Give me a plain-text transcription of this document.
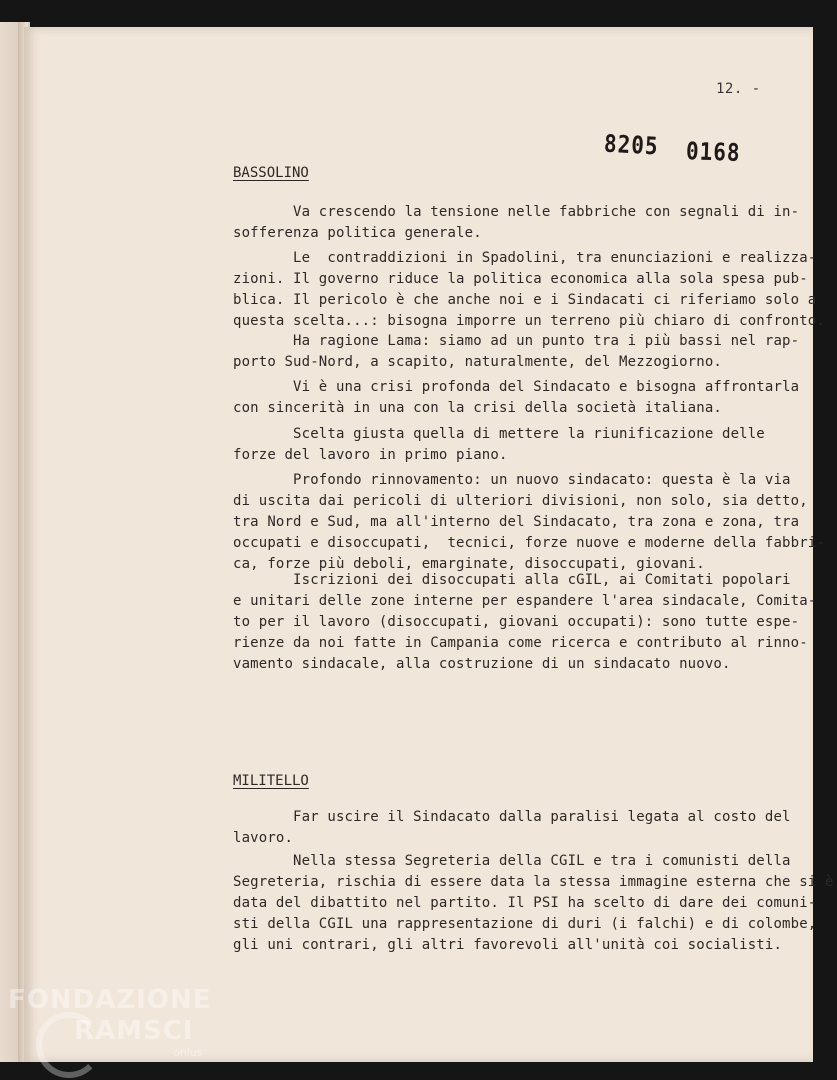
12. -
8205 0168
BASSOLINO

Va crescendo la tensione nelle fabbriche con segnali di in-
sofferenza politica generale.

Le  contraddizioni in Spadolini, tra enunciazioni e realizza-
zioni. Il governo riduce la politica economica alla sola spesa pub-
blica. Il pericolo è che anche noi e i Sindacati ci riferiamo solo a
questa scelta...: bisogna imporre un terreno più chiaro di confronto.

Ha ragione Lama: siamo ad un punto tra i più bassi nel rap-
porto Sud-Nord, a scapito, naturalmente, del Mezzogiorno.

Vi è una crisi profonda del Sindacato e bisogna affrontarla
con sincerità in una con la crisi della società italiana.

Scelta giusta quella di mettere la riunificazione delle
forze del lavoro in primo piano.

Profondo rinnovamento: un nuovo sindacato: questa è la via
di uscita dai pericoli di ulteriori divisioni, non solo, sia detto,
tra Nord e Sud, ma all'interno del Sindacato, tra zona e zona, tra
occupati e disoccupati,  tecnici, forze nuove e moderne della fabbri-
ca, forze più deboli, emarginate, disoccupati, giovani.

Iscrizioni dei disoccupati alla cGIL, ai Comitati popolari
e unitari delle zone interne per espandere l'area sindacale, Comita-
to per il lavoro (disoccupati, giovani occupati): sono tutte espe-
rienze da noi fatte in Campania come ricerca e contributo al rinno-
vamento sindacale, alla costruzione di un sindacato nuovo.

MILITELLO

Far uscire il Sindacato dalla paralisi legata al costo del
lavoro.

Nella stessa Segreteria della CGIL e tra i comunisti della
Segreteria, rischia di essere data la stessa immagine esterna che si è
data del dibattito nel partito. Il PSI ha scelto di dare dei comuni-
sti della CGIL una rappresentazione di duri (i falchi) e di colombe,
gli uni contrari, gli altri favorevoli all'unità coi socialisti.

FONDAZIONE
RAMSCI
onlus
